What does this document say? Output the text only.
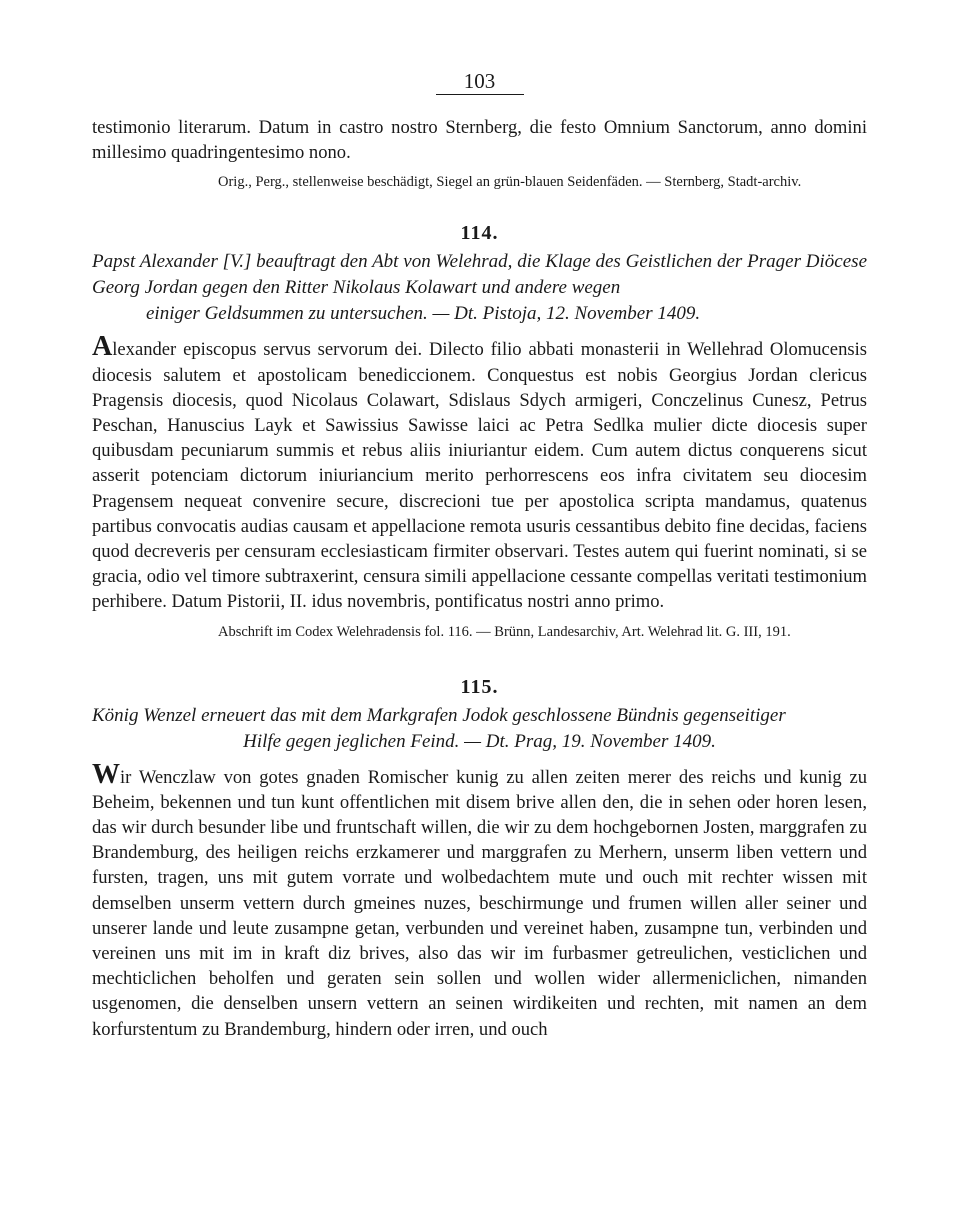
103

testimonio literarum. Datum in castro nostro Sternberg, die festo Omnium Sanctorum, anno domini millesimo quadringentesimo nono.

Orig., Perg., stellenweise beschädigt, Siegel an grün-blauen Seidenfäden. — Sternberg, Stadt-archiv.

114.

Papst Alexander [V.] beauftragt den Abt von Welehrad, die Klage des Geistlichen der Prager Diöcese Georg Jordan gegen den Ritter Nikolaus Kolawart und andere wegen
einiger Geldsummen zu untersuchen. — Dt. Pistoja, 12. November 1409.

Alexander episcopus servus servorum dei. Dilecto filio abbati monasterii in Wellehrad Olomucensis diocesis salutem et apostolicam benediccionem. Conquestus est nobis Georgius Jordan clericus Pragensis diocesis, quod Nicolaus Colawart, Sdislaus Sdych armigeri, Conczelinus Cunesz, Petrus Peschan, Hanuscius Layk et Sawissius Sawisse laici ac Petra Sedlka mulier dicte diocesis super quibusdam pecuniarum summis et rebus aliis iniuriantur eidem. Cum autem dictus conquerens sicut asserit potenciam dictorum iniuriancium merito perhorrescens eos infra civitatem seu diocesim Pragensem nequeat convenire secure, discrecioni tue per apostolica scripta mandamus, quatenus partibus convocatis audias causam et appellacione remota usuris cessantibus debito fine decidas, faciens quod decreveris per censuram ecclesiasticam firmiter observari. Testes autem qui fuerint nominati, si se gracia, odio vel timore subtraxerint, censura simili appellacione cessante compellas veritati testimonium perhibere. Datum Pistorii, II. idus novembris, pontificatus nostri anno primo.

Abschrift im Codex Welehradensis fol. 116. — Brünn, Landesarchiv, Art. Welehrad lit. G. III, 191.

115.

König Wenzel erneuert das mit dem Markgrafen Jodok geschlossene Bündnis gegenseitiger
Hilfe gegen jeglichen Feind. — Dt. Prag, 19. November 1409.

Wir Wenczlaw von gotes gnaden Romischer kunig zu allen zeiten merer des reichs und kunig zu Beheim, bekennen und tun kunt offentlichen mit disem brive allen den, die in sehen oder horen lesen, das wir durch besunder libe und fruntschaft willen, die wir zu dem hochgebornen Josten, marggrafen zu Brandemburg, des heiligen reichs erzkamerer und marggrafen zu Merhern, unserm liben vettern und fursten, tragen, uns mit gutem vorrate und wolbedachtem mute und ouch mit rechter wissen mit demselben unserm vettern durch gmeines nuzes, beschirmunge und frumen willen aller seiner und unserer lande und leute zusampne getan, verbunden und vereinet haben, zusampne tun, verbinden und vereinen uns mit im in kraft diz brives, also das wir im furbasmer getreulichen, vesticlichen und mechticlichen beholfen und geraten sein sollen und wollen wider allermeniclichen, nimanden usgenomen, die denselben unsern vettern an seinen wirdikeiten und rechten, mit namen an dem korfurstentum zu Brandemburg, hindern oder irren, und ouch
